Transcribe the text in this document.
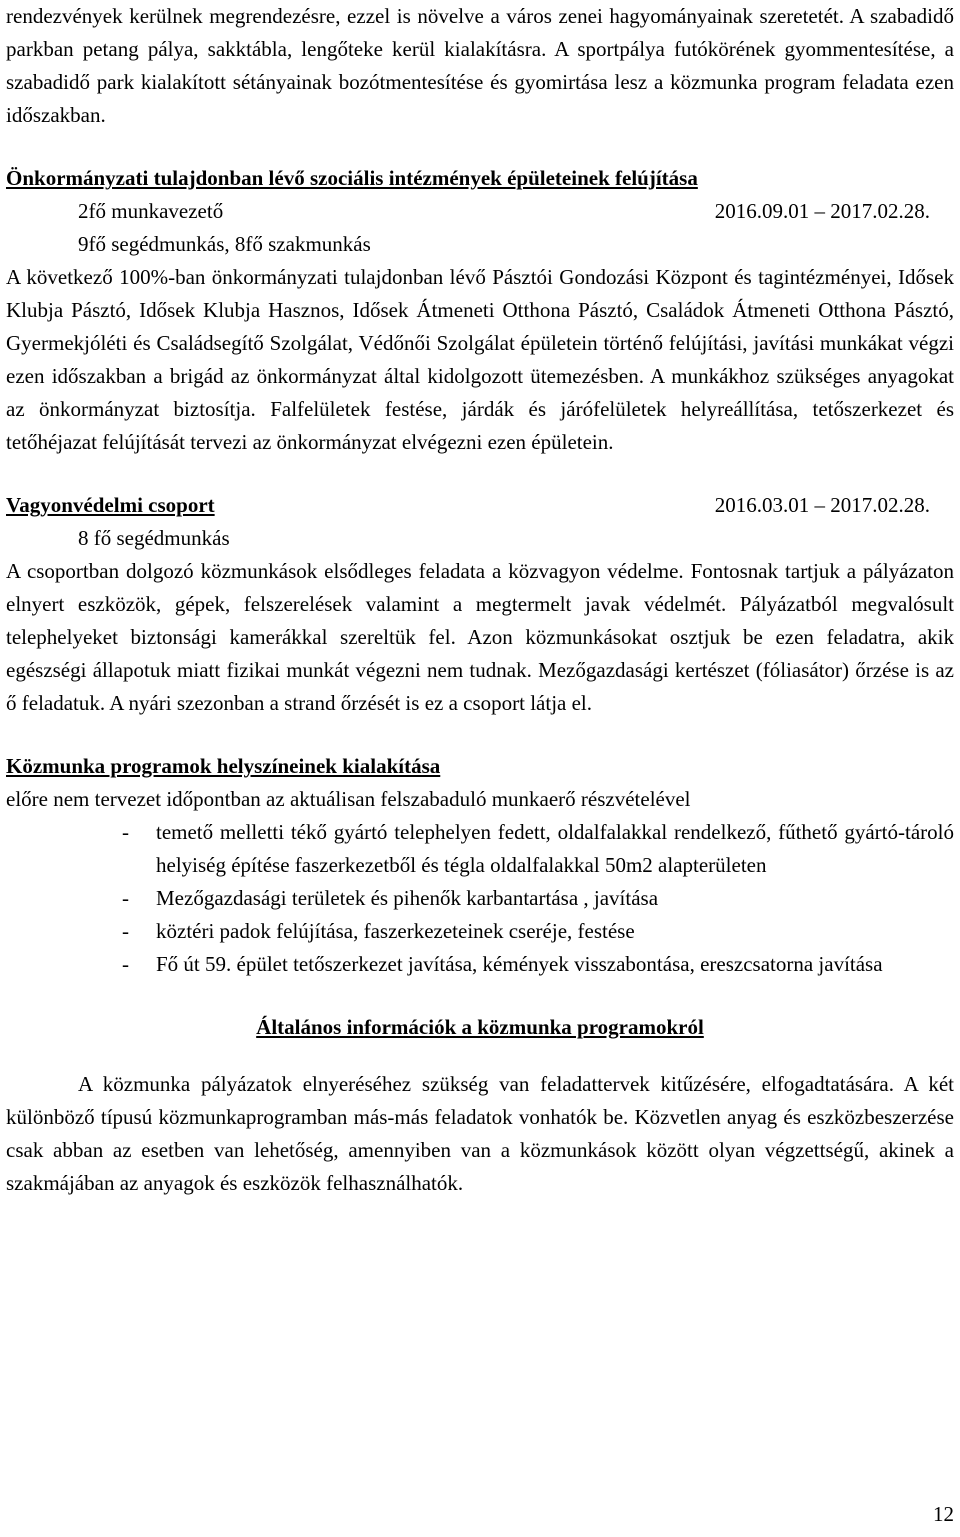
rendezvények kerülnek megrendezésre, ezzel is növelve a város zenei hagyományainak szeretetét. A szabadidő parkban petang pálya, sakktábla, lengőteke kerül kialakításra. A sportpálya futókörének gyommentesítése, a szabadidő park kialakított sétányainak bozótmentesítése és gyomirtása lesz a közmunka program feladata ezen időszakban.

Önkormányzati tulajdonban lévő szociális intézmények épületeinek felújítása

2fő munkavezető	2016.09.01 – 2017.02.28.

9fő segédmunkás, 8fő szakmunkás

A következő 100%-ban önkormányzati tulajdonban lévő Pásztói Gondozási Központ és tagintézményei, Idősek Klubja Pásztó, Idősek Klubja Hasznos, Idősek Átmeneti Otthona Pásztó, Családok Átmeneti Otthona Pásztó, Gyermekjóléti és Családsegítő Szolgálat, Védőnői Szolgálat épületein történő felújítási, javítási munkákat végzi ezen időszakban a brigád az önkormányzat által kidolgozott ütemezésben. A munkákhoz szükséges anyagokat az önkormányzat biztosítja. Falfelületek festése, járdák és járófelületek helyreállítása, tetőszerkezet és tetőhéjazat felújítását tervezi az önkormányzat elvégezni ezen épületein.

Vagyonvédelmi csoport	2016.03.01 – 2017.02.28.

8 fő segédmunkás

A csoportban dolgozó közmunkások elsődleges feladata a közvagyon védelme. Fontosnak tartjuk a pályázaton elnyert eszközök, gépek, felszerelések valamint a megtermelt javak védelmét. Pályázatból megvalósult telephelyeket biztonsági kamerákkal szereltük fel. Azon közmunkásokat osztjuk be ezen feladatra, akik egészségi állapotuk miatt fizikai munkát végezni nem tudnak. Mezőgazdasági kertészet (fóliasátor) őrzése is az ő feladatuk. A nyári szezonban a strand őrzését is ez a csoport látja el.

Közmunka programok helyszíneinek kialakítása

előre nem tervezet időpontban az aktuálisan felszabaduló munkaerő részvételével

-	temető melletti tékő gyártó telephelyen fedett, oldalfalakkal rendelkező, fűthető gyártó-tároló helyiség építése faszerkezetből és tégla oldalfalakkal 50m2 alapterületen
-	Mezőgazdasági területek és pihenők karbantartása , javítása
-	köztéri padok felújítása, faszerkezeteinek cseréje, festése
-	Fő út 59. épület tetőszerkezet javítása, kémények visszabontása, ereszcsatorna javítása

Általános információk a közmunka programokról

A közmunka pályázatok elnyeréséhez szükség van feladattervek kitűzésére, elfogadtatására. A két különböző típusú közmunkaprogramban más-más feladatok vonhatók be. Közvetlen anyag és eszközbeszerzése csak abban az esetben van lehetőség, amennyiben van a közmunkások között olyan végzettségű, akinek a szakmájában az anyagok és eszközök felhasználhatók.

12
